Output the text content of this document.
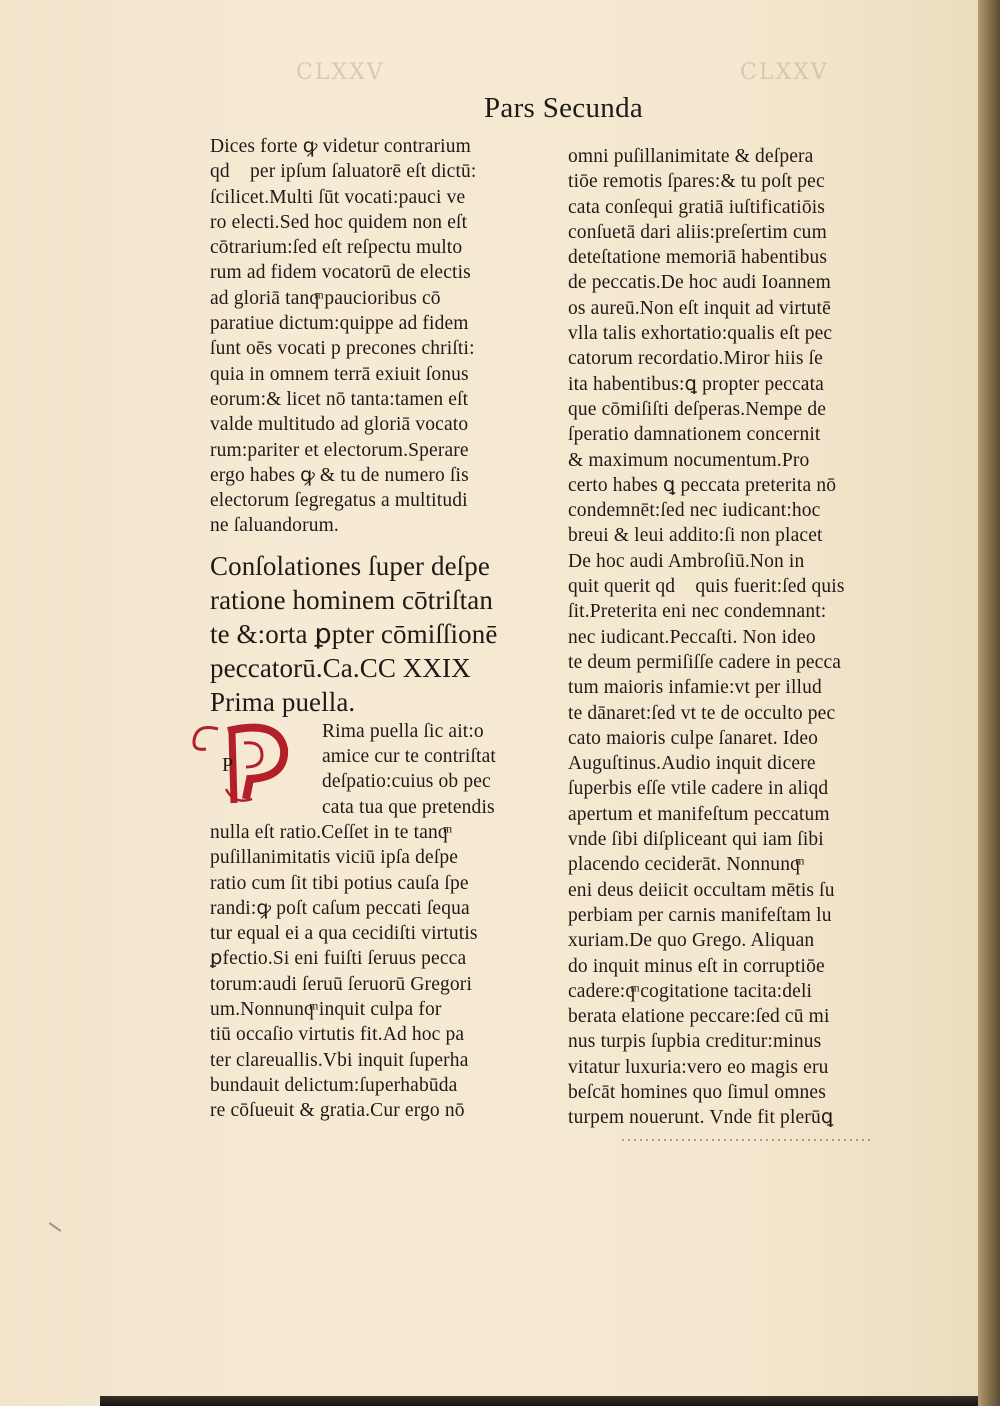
CLXXV	CLXXV
Pars Secunda
Dices forte ꝙ videtur contrarium
qd᷑ per ipſum ſaluatorē eſt dictū:
ſcilicet.Multi ſūt vocati:pauci ve
ro electi.Sed hoc quidem non eſt
cōtrarium:ſed eſt reſpectu multo
rum ad fidem vocatorū de electis
ad gloriā tanqͫ paucioribus cō
paratiue dictum:quippe ad fidem
ſunt oēs vocati p precones chriſti:
quia in omnem terrā exiuit ſonus
eorum:& licet nō tanta:tamen eſt
valde multitudo ad gloriā vocato
rum:pariter et electorum.Sperare
ergo habes ꝙ & tu de numero ſis
electorum ſegregatus a multitudi
ne ſaluandorum.
Conſolationes ſuper deſpe
ratione hominem cōtriſtan
te &:orta ꝑpter cōmiſſionē
peccatorū.Ca.CC XXIX
Prima puella.
P
Rima puella ſic ait:o
amice cur te contriſtat
deſpatio:cuius ob pec
cata tua que pretendis
nulla eſt ratio.Ceſſet in te tanqͫ
puſillanimitatis viciū ipſa deſpe
ratio cum ſit tibi potius cauſa ſpe
randi:ꝙ poſt caſum peccati ſequa
tur equal ei a qua cecidiſti virtutis
ꝑfectio.Si eni fuiſti ſeruus pecca
torum:audi ſeruū ſeruorū Gregori
um.Nonnunqͫ inquit culpa for
tiū occaſio virtutis fit.Ad hoc pa
ter clareuallis.Vbi inquit ſuperha
bundauit delictum:ſuperhabūda
re cōſueuit & gratia.Cur ergo nō
omni puſillanimitate & deſpera
tiōe remotis ſpares:& tu poſt pec
cata conſequi gratiā iuſtificatiōis
conſuetā dari aliis:preſertim cum
deteſtatione memoriā habentibus
de peccatis.De hoc audi Ioannem
os aureū.Non eſt inquit ad virtutē
vlla talis exhortatio:qualis eſt pec
catorum recordatio.Miror hiis ſe
ita habentibus:ꝗ propter peccata
que cōmiſiſti deſperas.Nempe de
ſperatio damnationem concernit
& maximum nocumentum.Pro
certo habes ꝗ peccata preterita nō
condemnēt:ſed nec iudicant:hoc
breui & leui addito:ſi non placet
De hoc audi Ambroſiū.Non in
quit querit qd᷑ quis fuerit:ſed quis
ſit.Preterita eni nec condemnant:
nec iudicant.Peccaſti. Non ideo
te deum permiſiſſe cadere in pecca
tum maioris infamie:vt per illud
te dānaret:ſed vt te de occulto pec
cato maioris culpe ſanaret. Ideo
Auguſtinus.Audio inquit dicere
ſuperbis eſſe vtile cadere in aliqd᷑
apertum et manifeſtum peccatum
vnde ſibi diſpliceant qui iam ſibi
placendo ceciderāt. Nonnunqͫ
eni deus deiicit occultam mētis ſu
perbiam per carnis manifeſtam lu
xuriam.De quo Grego. Aliquan
do inquit minus eſt in corruptiōe
cadere:qͫ cogitatione tacita:deli
berata elatione peccare:ſed cū mi
nus turpis ſupbia creditur:minus
vitatur luxuria:vero eo magis eru
beſcāt homines quo ſimul omnes
turpem nouerunt. Vnde fit plerūꝗ
